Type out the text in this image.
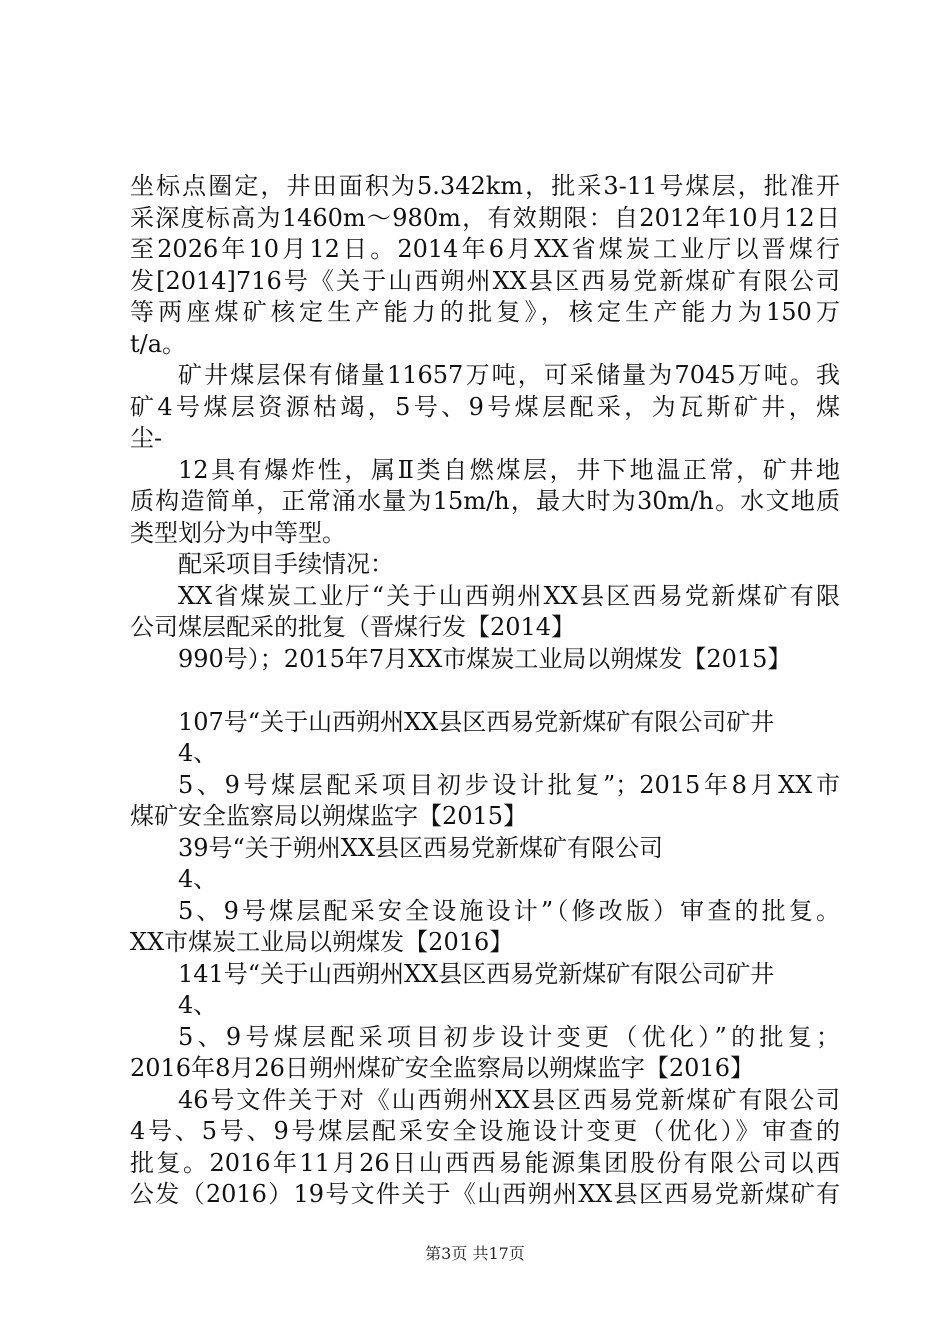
坐标点圈定，井田面积为5.342km，批采3-11号煤层，批准开
采深度标高为1460m～980m，有效期限：自2012年10月12日
至2026年10月12日。2014年6月XX省煤炭工业厅以晋煤行
发[2014]716号《关于山西朔州XX县区西易党新煤矿有限公司
等两座煤矿核定生产能力的批复》，核定生产能力为150万
t/a。
矿井煤层保有储量11657万吨，可采储量为7045万吨。我
矿4号煤层资源枯竭，5号、9号煤层配采，为瓦斯矿井，煤
尘-
12具有爆炸性，属Ⅱ类自燃煤层，井下地温正常，矿井地
质构造简单，正常涌水量为15m/h，最大时为30m/h。水文地质
类型划分为中等型。
配采项目手续情况：
XX省煤炭工业厅“关于山西朔州XX县区西易党新煤矿有限
公司煤层配采的批复（晋煤行发【2014】
990号）；2015年7月XX市煤炭工业局以朔煤发【2015】
107号“关于山西朔州XX县区西易党新煤矿有限公司矿井
4、
5、9号煤层配采项目初步设计批复”；2015年8月XX市
煤矿安全监察局以朔煤监字【2015】
39号“关于朔州XX县区西易党新煤矿有限公司
4、
5、9号煤层配采安全设施设计”（修改版）审查的批复。
XX市煤炭工业局以朔煤发【2016】
141号“关于山西朔州XX县区西易党新煤矿有限公司矿井
4、
5、9号煤层配采项目初步设计变更（优化）”的批复；
2016年8月26日朔州煤矿安全监察局以朔煤监字【2016】
46号文件关于对《山西朔州XX县区西易党新煤矿有限公司
4号、5号、9号煤层配采安全设施设计变更（优化）》审查的
批复。2016年11月26日山西西易能源集团股份有限公司以西
公发（2016）19号文件关于《山西朔州XX县区西易党新煤矿有
第3页 共17页
